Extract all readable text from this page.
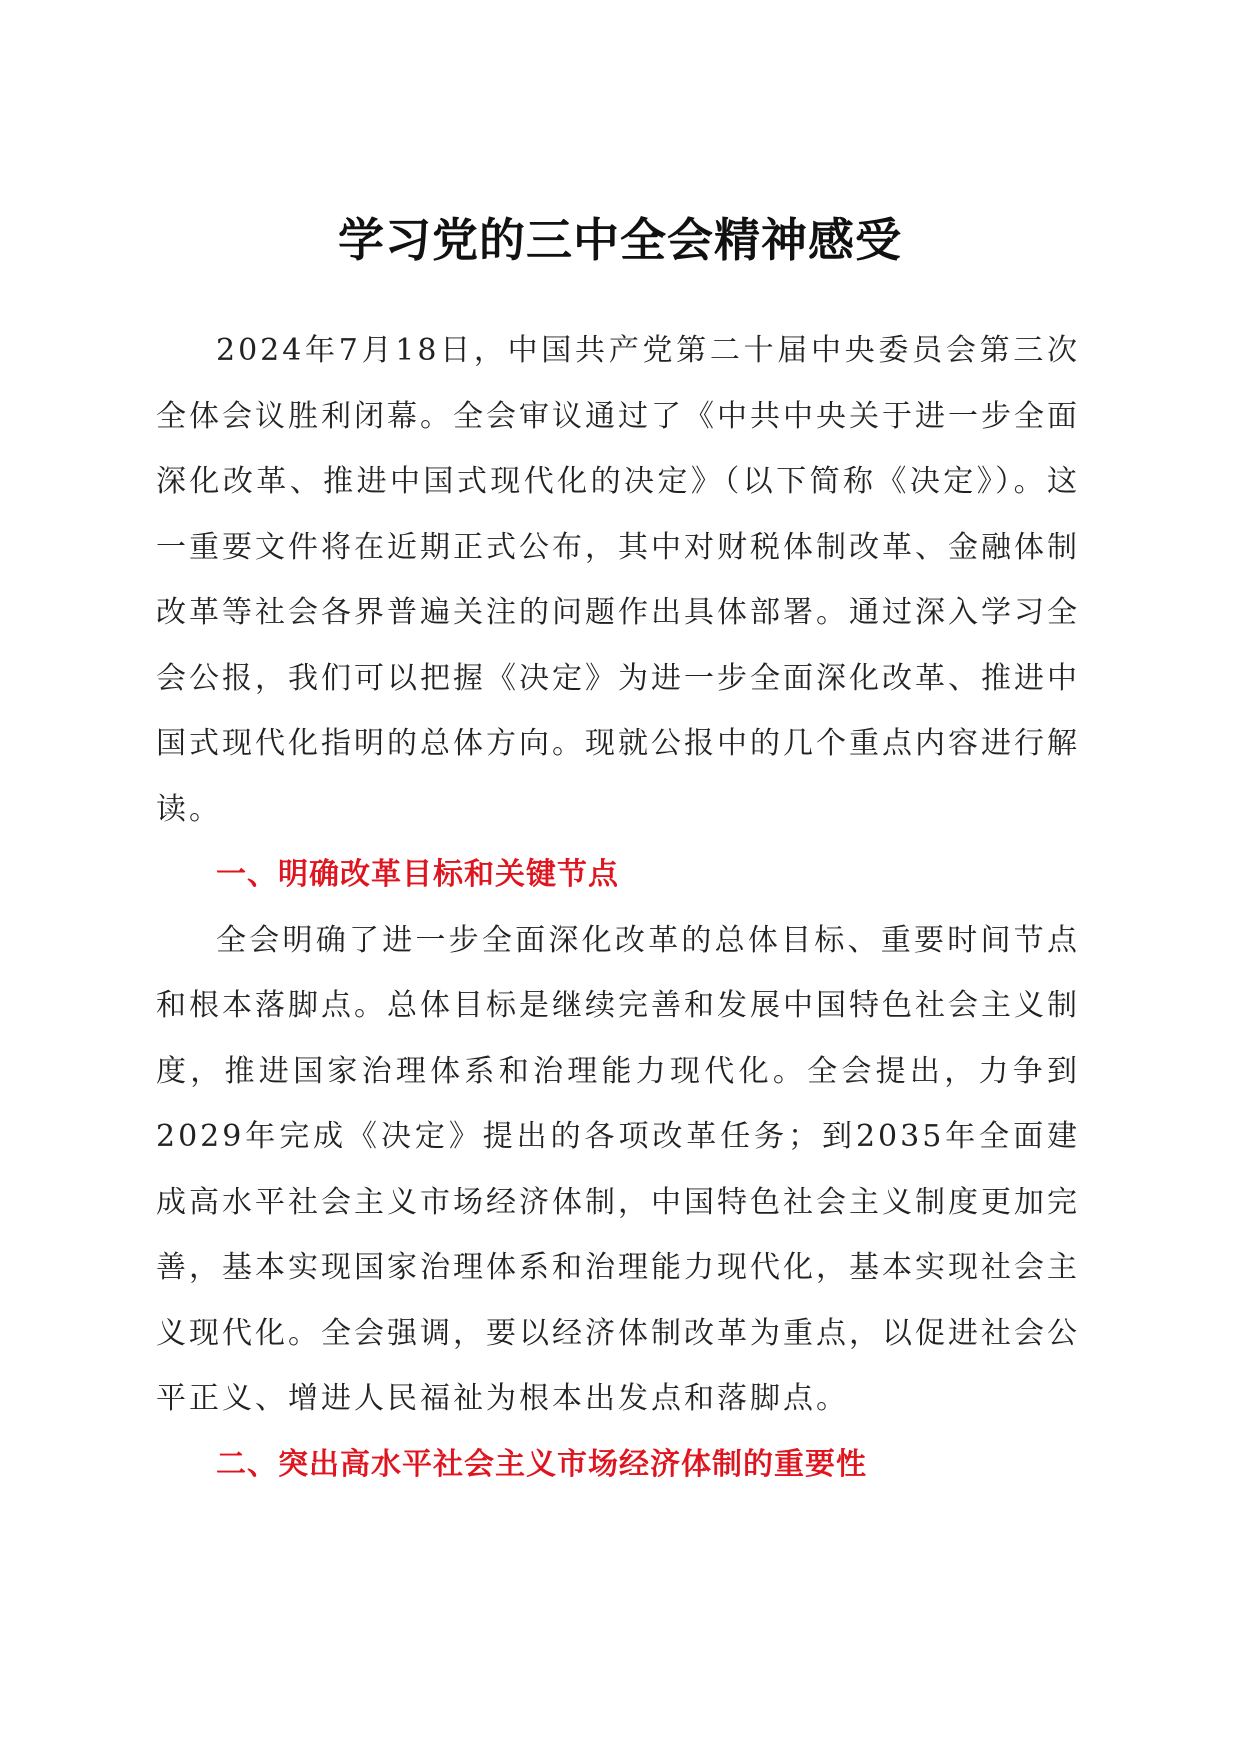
学习党的三中全会精神感受

2024年7月18日，中国共产党第二十届中央委员会第三次全体会议胜利闭幕。全会审议通过了《中共中央关于进一步全面深化改革、推进中国式现代化的决定》（以下简称《决定》）。这一重要文件将在近期正式公布，其中对财税体制改革、金融体制改革等社会各界普遍关注的问题作出具体部署。通过深入学习全会公报，我们可以把握《决定》为进一步全面深化改革、推进中国式现代化指明的总体方向。现就公报中的几个重点内容进行解读。

一、明确改革目标和关键节点

全会明确了进一步全面深化改革的总体目标、重要时间节点和根本落脚点。总体目标是继续完善和发展中国特色社会主义制度，推进国家治理体系和治理能力现代化。全会提出，力争到2029年完成《决定》提出的各项改革任务；到2035年全面建成高水平社会主义市场经济体制，中国特色社会主义制度更加完善，基本实现国家治理体系和治理能力现代化，基本实现社会主义现代化。全会强调，要以经济体制改革为重点，以促进社会公平正义、增进人民福祉为根本出发点和落脚点。

二、突出高水平社会主义市场经济体制的重要性
